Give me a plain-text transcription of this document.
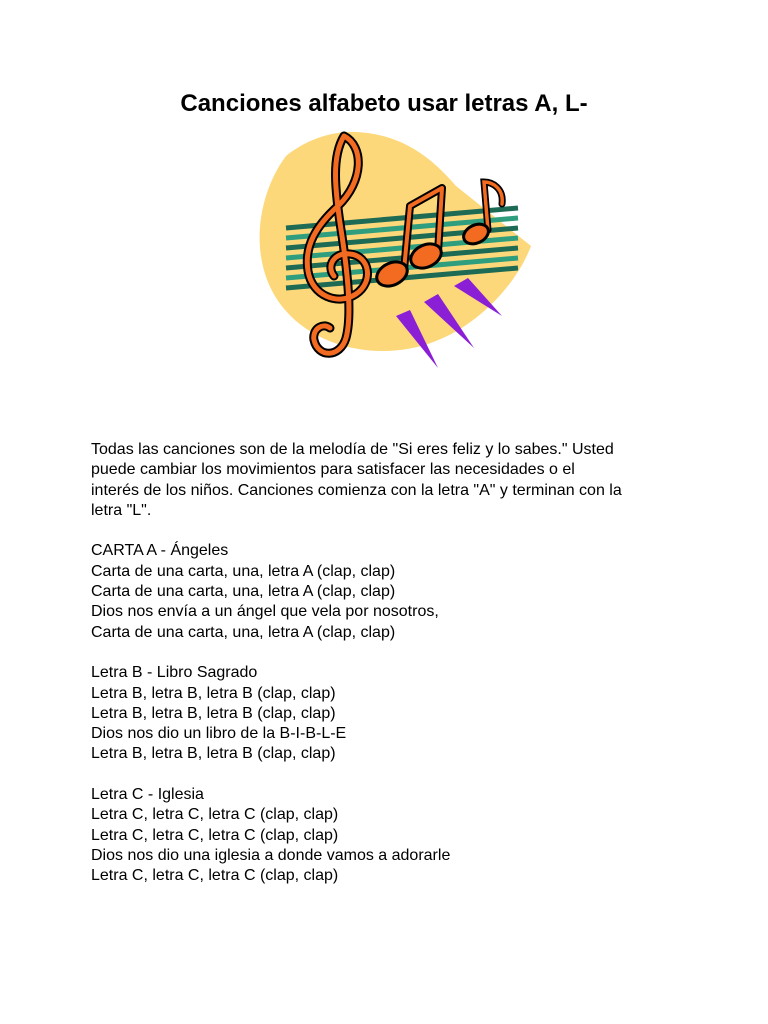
Canciones alfabeto usar letras A, L-
Todas las canciones son de la melodía de "Si eres feliz y lo sabes." Usted
puede cambiar los movimientos para satisfacer las necesidades o el
interés de los niños. Canciones comienza con la letra "A" y terminan con la
letra "L".
CARTA A - Ángeles
Carta de una carta, una, letra A (clap, clap)
Carta de una carta, una, letra A (clap, clap)
Dios nos envía a un ángel que vela por nosotros,
Carta de una carta, una, letra A (clap, clap)
Letra B - Libro Sagrado
Letra B, letra B, letra B (clap, clap)
Letra B, letra B, letra B (clap, clap)
Dios nos dio un libro de la B-I-B-L-E
Letra B, letra B, letra B (clap, clap)
Letra C - Iglesia
Letra C, letra C, letra C (clap, clap)
Letra C, letra C, letra C (clap, clap)
Dios nos dio una iglesia a donde vamos a adorarle
Letra C, letra C, letra C (clap, clap)
